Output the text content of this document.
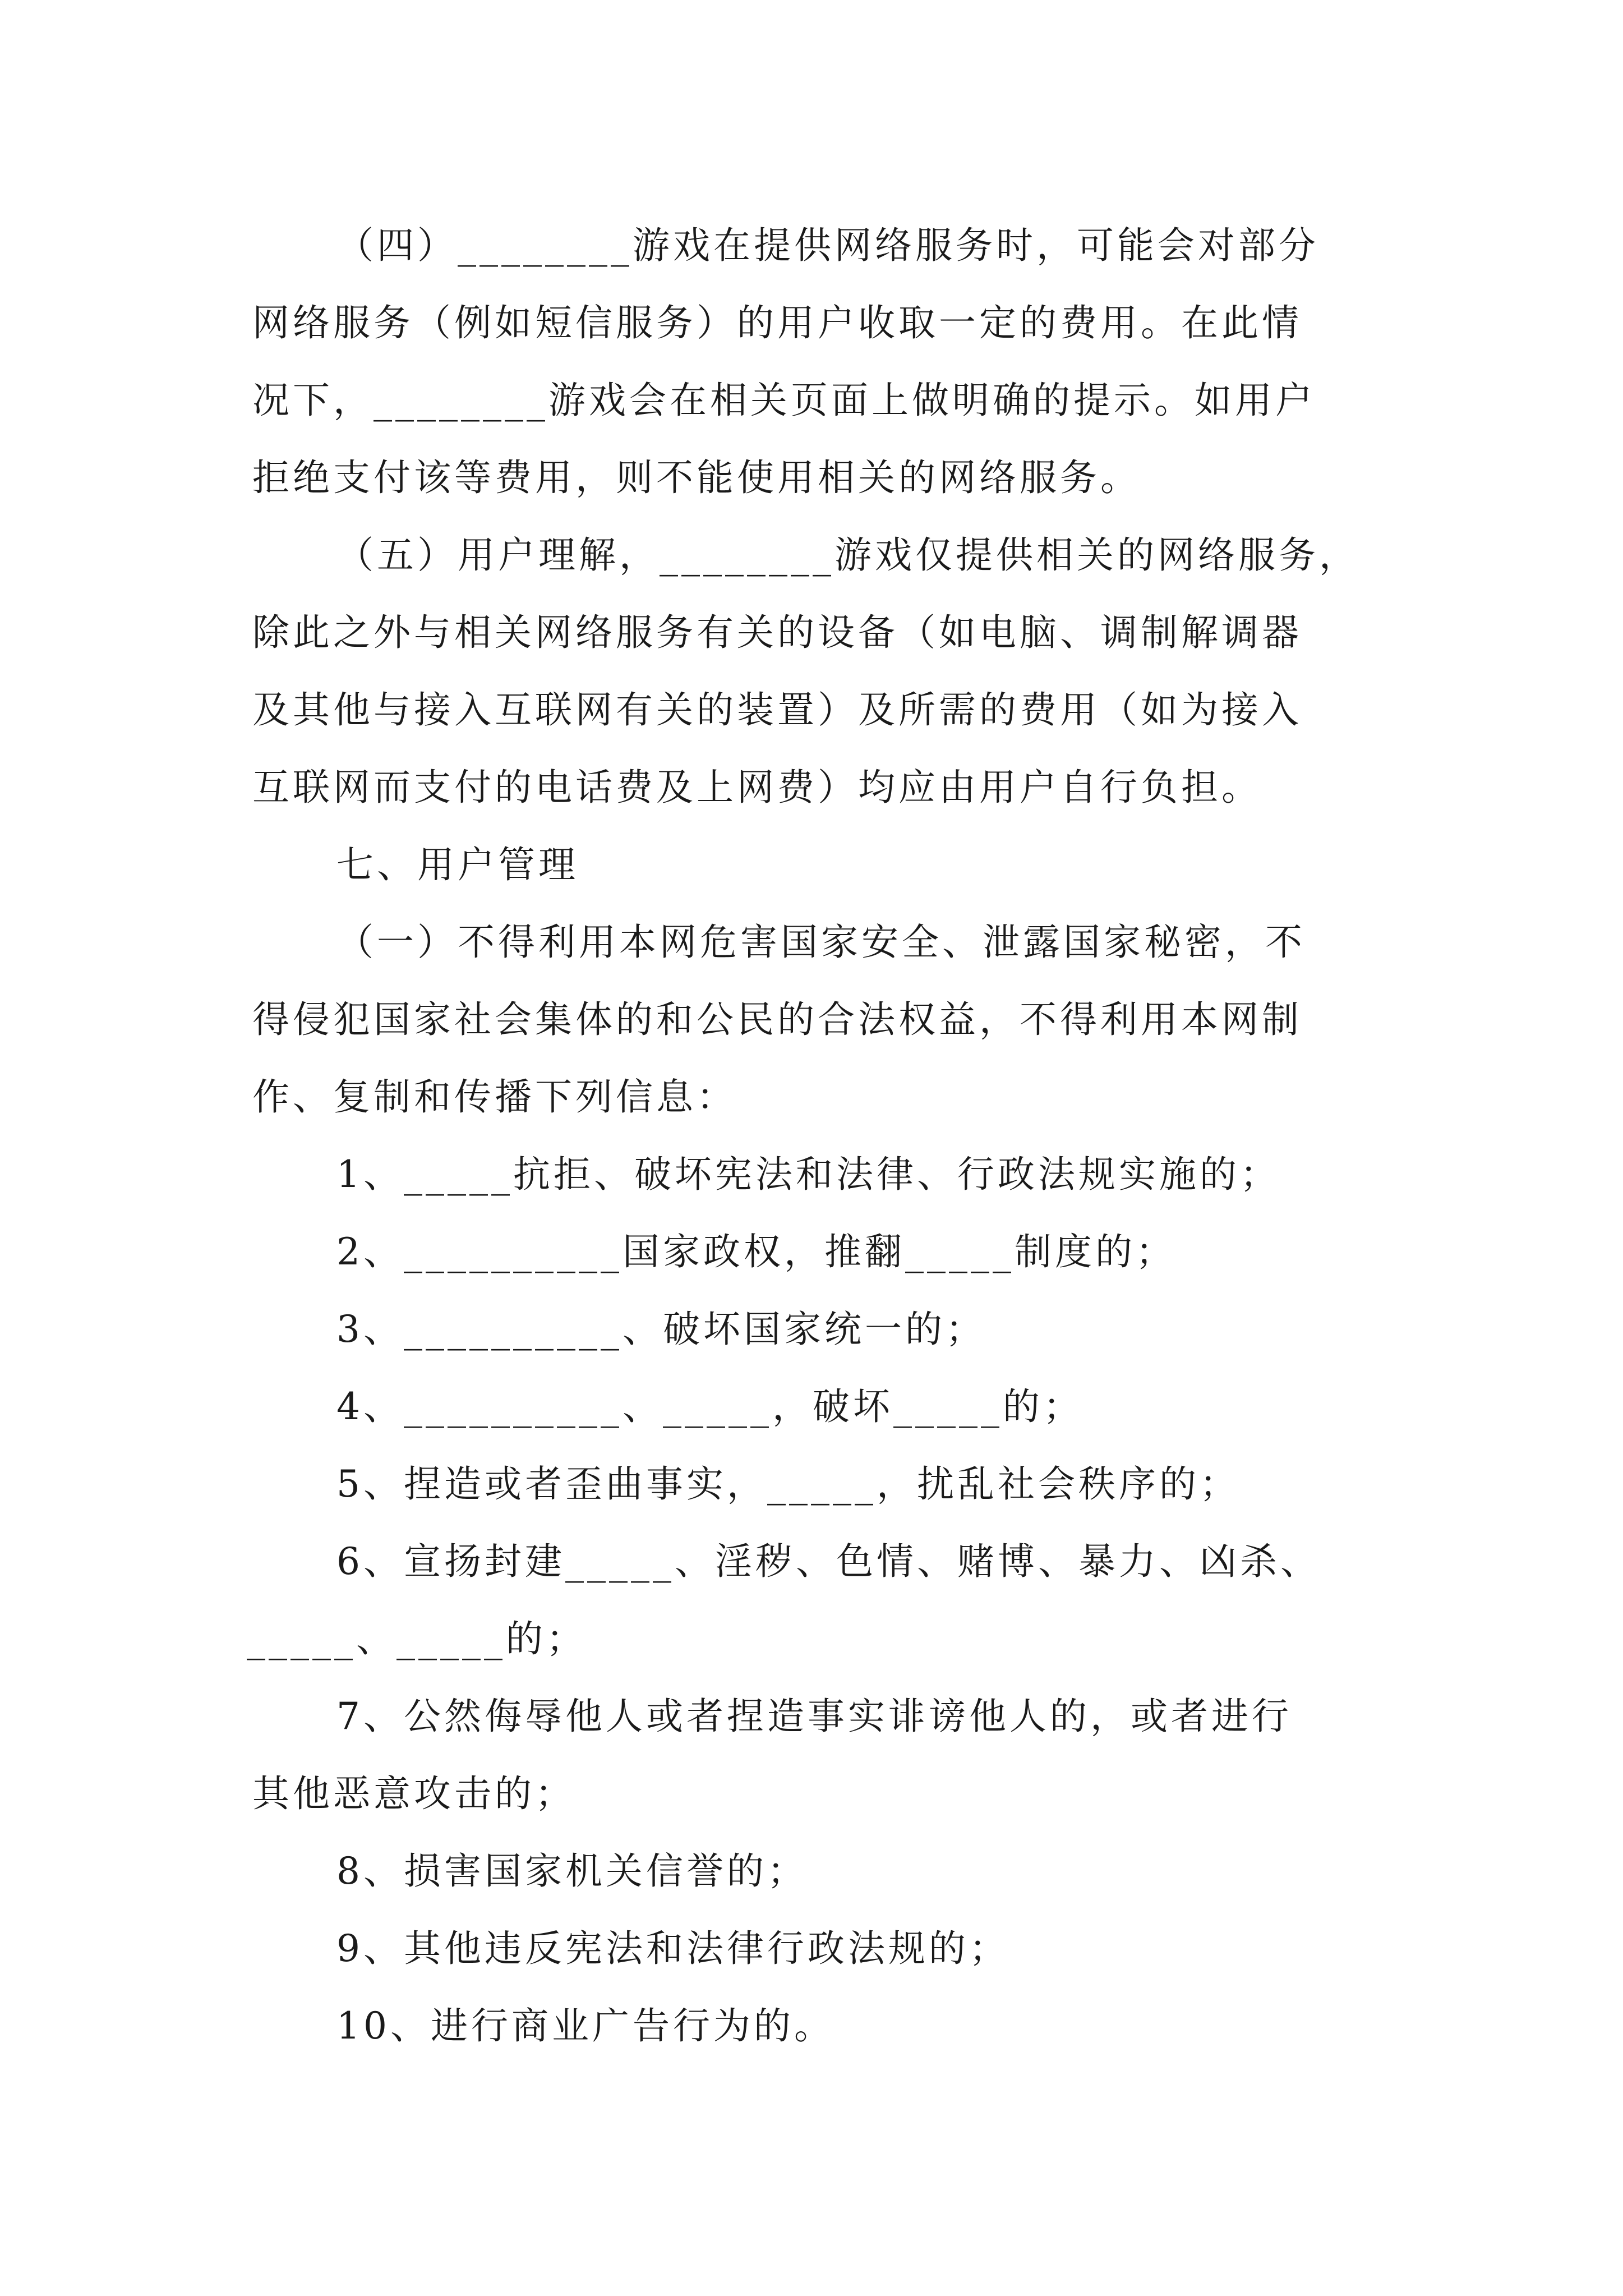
（四）________游戏在提供网络服务时，可能会对部分
网络服务（例如短信服务）的用户收取一定的费用。在此情
况下，________游戏会在相关页面上做明确的提示。如用户
拒绝支付该等费用，则不能使用相关的网络服务。
（五）用户理解，________游戏仅提供相关的网络服务，
除此之外与相关网络服务有关的设备（如电脑、调制解调器
及其他与接入互联网有关的装置）及所需的费用（如为接入
互联网而支付的电话费及上网费）均应由用户自行负担。
七、用户管理
（一）不得利用本网危害国家安全、泄露国家秘密，不
得侵犯国家社会集体的和公民的合法权益，不得利用本网制
作、复制和传播下列信息：
1、_____抗拒、破坏宪法和法律、行政法规实施的；
2、__________国家政权，推翻_____制度的；
3、__________、破坏国家统一的；
4、__________、_____，破坏_____的；
5、捏造或者歪曲事实，_____，扰乱社会秩序的；
6、宣扬封建_____、淫秽、色情、赌博、暴力、凶杀、
_____、_____的；
7、公然侮辱他人或者捏造事实诽谤他人的，或者进行
其他恶意攻击的；
8、损害国家机关信誉的；
9、其他违反宪法和法律行政法规的；
10、进行商业广告行为的。
